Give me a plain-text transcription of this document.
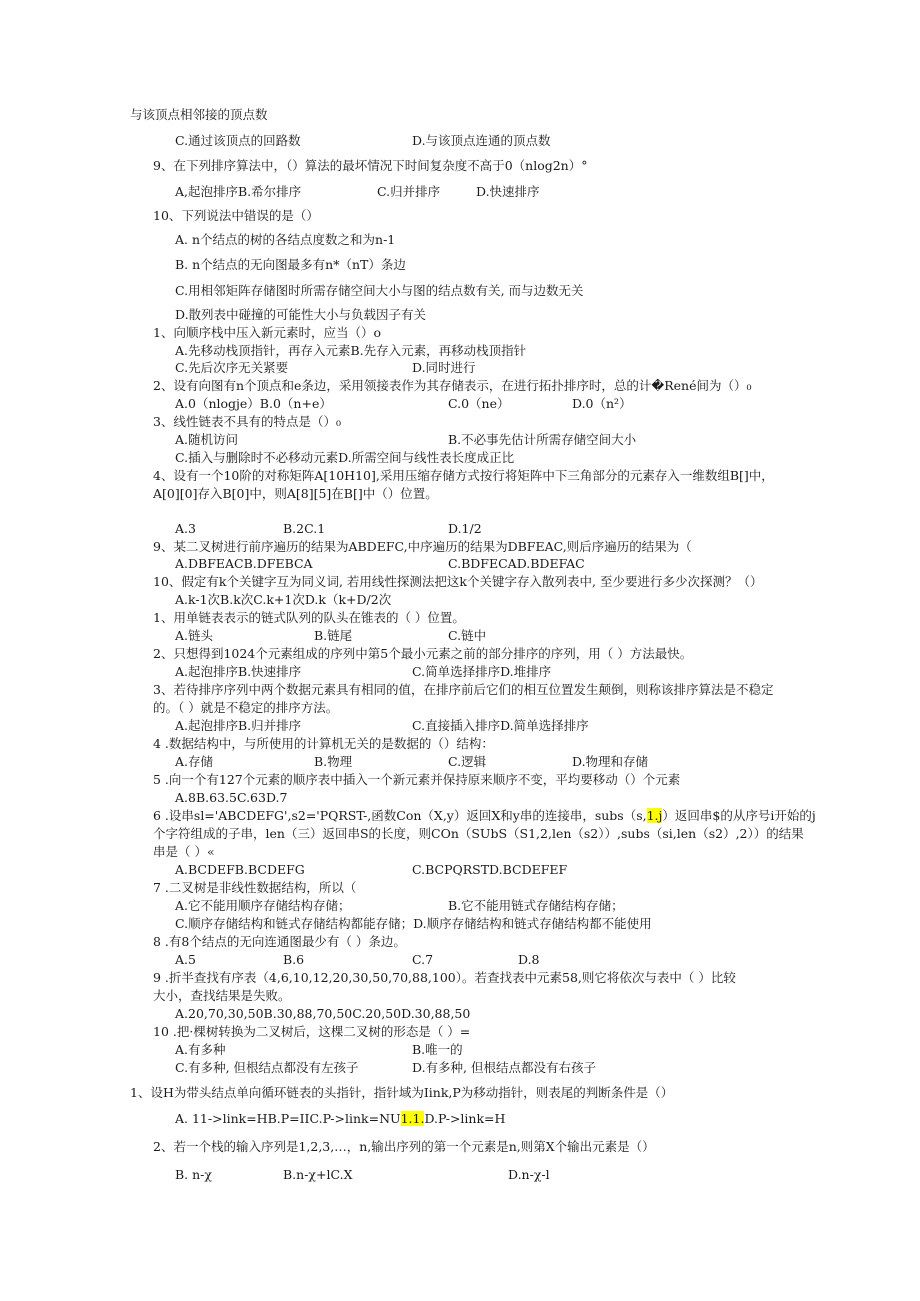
与该顶点相邻接的顶点数
C.通过该顶点的回路数	D.与该顶点连通的顶点数
9、在下列排序算法中，（）算法的最坏情况下时间复杂度不高于0（nlog2n）°
A,起泡排序B.希尔排序	C.归并排序	D.快速排序
10、下列说法中错误的是（）
A. n个结点的树的各结点度数之和为n-1
B. n个结点的无向图最多有n*（nT）条边
C.用相邻矩阵存储图时所需存储空间大小与图的结点数有关, 而与边数无关
D.散列表中碰撞的可能性大小与负载因子有关
1、向顺序栈中压入新元素时，应当（）o
A.先移动栈顶指针，再存入元素B.先存入元素，再移动栈顶指针
C.先后次序无关紧要	D.同时进行
2、设有向图有n个顶点和e条边，采用领接表作为其存储表示，在进行拓扑排序时，总的计�René间为（）₀
A.0（nlogje）B.0（n+e）	C.0（ne）	D.0（n²）
3、线性链表不具有的特点是（）₀
A.随机访问	B.不必事先估计所需存储空间大小
C.插入与删除时不必移动元素D.所需空间与线性表长度成正比
4、设有一个10阶的对称矩阵A[10H10],采用压缩存储方式按行将矩阵中下三角部分的元素存入一维数组B[]中，
A[0][0]存入B[0]中，则A[8][5]在B[]中（）位置。
A.3	B.2C.1	D.1/2
9、某二叉树进行前序遍历的结果为ABDEFC,中序遍历的结果为DBFEAC,则后序遍历的结果为（
A.DBFEACB.DFEBCA	C.BDFECAD.BDEFAC
10、假定有k个关键字互为同义词, 若用线性探测法把这k个关键字存入散列表中, 至少要进行多少次探测？（）
A.k-1次B.k次C.k+1次D.k（k+D/2次
1、用单链表表示的链式队列的队头在锥表的（ ）位置。
A.链头	B.链尾	C.链中
2、只想得到1024个元素组成的序列中第5个最小元素之前的部分排序的序列，用（ ）方法最快。
A.起泡排序B.快速排序	C.简单选择排序D.堆排序
3、若待排序序列中两个数据元素具有相同的值，在排序前后它们的相互位置发生颠倒，则称该排序算法是不稳定
的。（ ）就是不稳定的排序方法。
A.起泡排序B.归并排序	C.直接插入排序D.简单选择排序
4 .数据结构中，与所使用的计算机无关的是数据的（）结构：
A.存储	B.物理	C.逻辑	D.物理和存储
5 .向一个有127个元素的顺序表中插入一个新元素并保持原来顺序不变，平均要移动（）个元素
A.8B.63.5C.63D.7
6 .设串sl='ABCDEFG',s2='PQRST-,函数Con（X,y）返回X和y串的连接串，subs（s,1.j）返回串$的从序号i开始的j
个字符组成的子串，len（三）返回串S的长度，则COn（SUbS（S1,2,len（s2））,subs（si,len（s2）,2））的结果
串是（ ）«
A.BCDEFB.BCDEFG	C.BCPQRSTD.BCDEFEF
7 .二叉树是非线性数据结构，所以（
A.它不能用顺序存储结构存储；	B.它不能用链式存储结构存储；
C.顺序存储结构和链式存储结构都能存储；D.顺序存储结构和链式存储结构都不能使用
8 .有8个结点的无向连通图最少有（ ）条边。
A.5	B.6	C.7	D.8
9 .折半查找有序表（4,6,10,12,20,30,50,70,88,100）。若查找表中元素58,则它将依次与表中（ ）比较
大小，查找结果是失败。
A.20,70,30,50B.30,88,70,50C.20,50D.30,88,50
10 .把·棵树转换为二叉树后，这棵二叉树的形态是（ ）=
A.有多种	B.唯一的
C.有多种, 但根结点都没有左孩子	D.有多种, 但根结点都没有右孩子
1、设H为带头结点单向循环链表的头指针，指针域为Iink,P为移动指针，则表尾的判断条件是（）
A. 11->link=HB.P=IIC.P->link=NU1.1.D.P->link=H
2、若一个栈的输入序列是1,2,3,…，n,输出序列的第一个元素是n,则第X个输出元素是（）
B. n-χ	B.n-χ+lC.X	D.n-χ-l
